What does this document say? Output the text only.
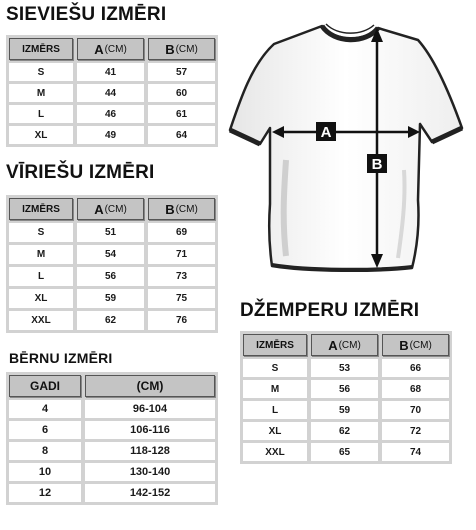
SIEVIEŠU IZMĒRI
IZMĒRS	A (CM)	B (CM)
S	41	57
M	44	60
L	46	61
XL	49	64
VĪRIEŠU IZMĒRI
IZMĒRS	A (CM)	B (CM)
S	51	69
M	54	71
L	56	73
XL	59	75
XXL	62	76
BĒRNU IZMĒRI
GADI	(CM)
4	96-104
6	106-116
8	118-128
10	130-140
12	142-152
DŽEMPERU IZMĒRI
IZMĒRS	A (CM)	B (CM)
S	53	66
M	56	68
L	59	70
XL	62	72
XXL	65	74
A
B
